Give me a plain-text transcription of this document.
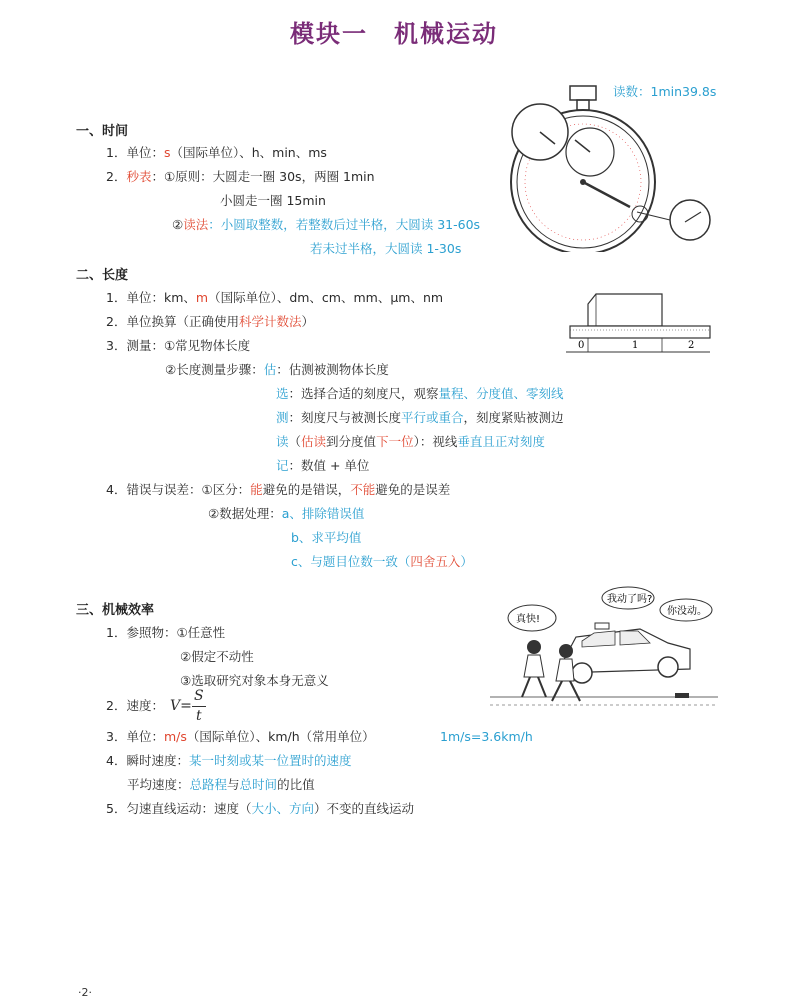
模块一　机械运动
读数：1min39.8s
一、时间
1．单位：s（国际单位）、h、min、ms
2．秒表：①原则：大圆走一圈 30s，两圈 1min
小圆走一圈 15min
②读法：小圆取整数，若整数后过半格，大圆读 31-60s
若未过半格，大圆读 1-30s
二、长度
1．单位：km、m（国际单位）、dm、cm、mm、μm、nm
2．单位换算（正确使用科学计数法）
3．测量：①常见物体长度
②长度测量步骤：估：估测被测物体长度
选：选择合适的刻度尺，观察量程、分度值、零刻线
测：刻度尺与被测长度平行或重合，刻度紧贴被测边
读（估读到分度值下一位）：视线垂直且正对刻度
记：数值 + 单位
4．错误与误差：①区分：能避免的是错误，不能避免的是误差
②数据处理：a、排除错误值
b、求平均值
c、与题目位数一致（四舍五入）
0	1	2
三、机械效率
1．参照物：①任意性
②假定不动性
③选取研究对象本身无意义
2．速度： V=
S
t
3．单位：m/s（国际单位）、km/h（常用单位）	1m/s=3.6km/h
4．瞬时速度：某一时刻或某一位置时的速度
平均速度：总路程与总时间的比值
5．匀速直线运动：速度（大小、方向）不变的直线运动
真快!
我动了吗?
你没动。
·2·
